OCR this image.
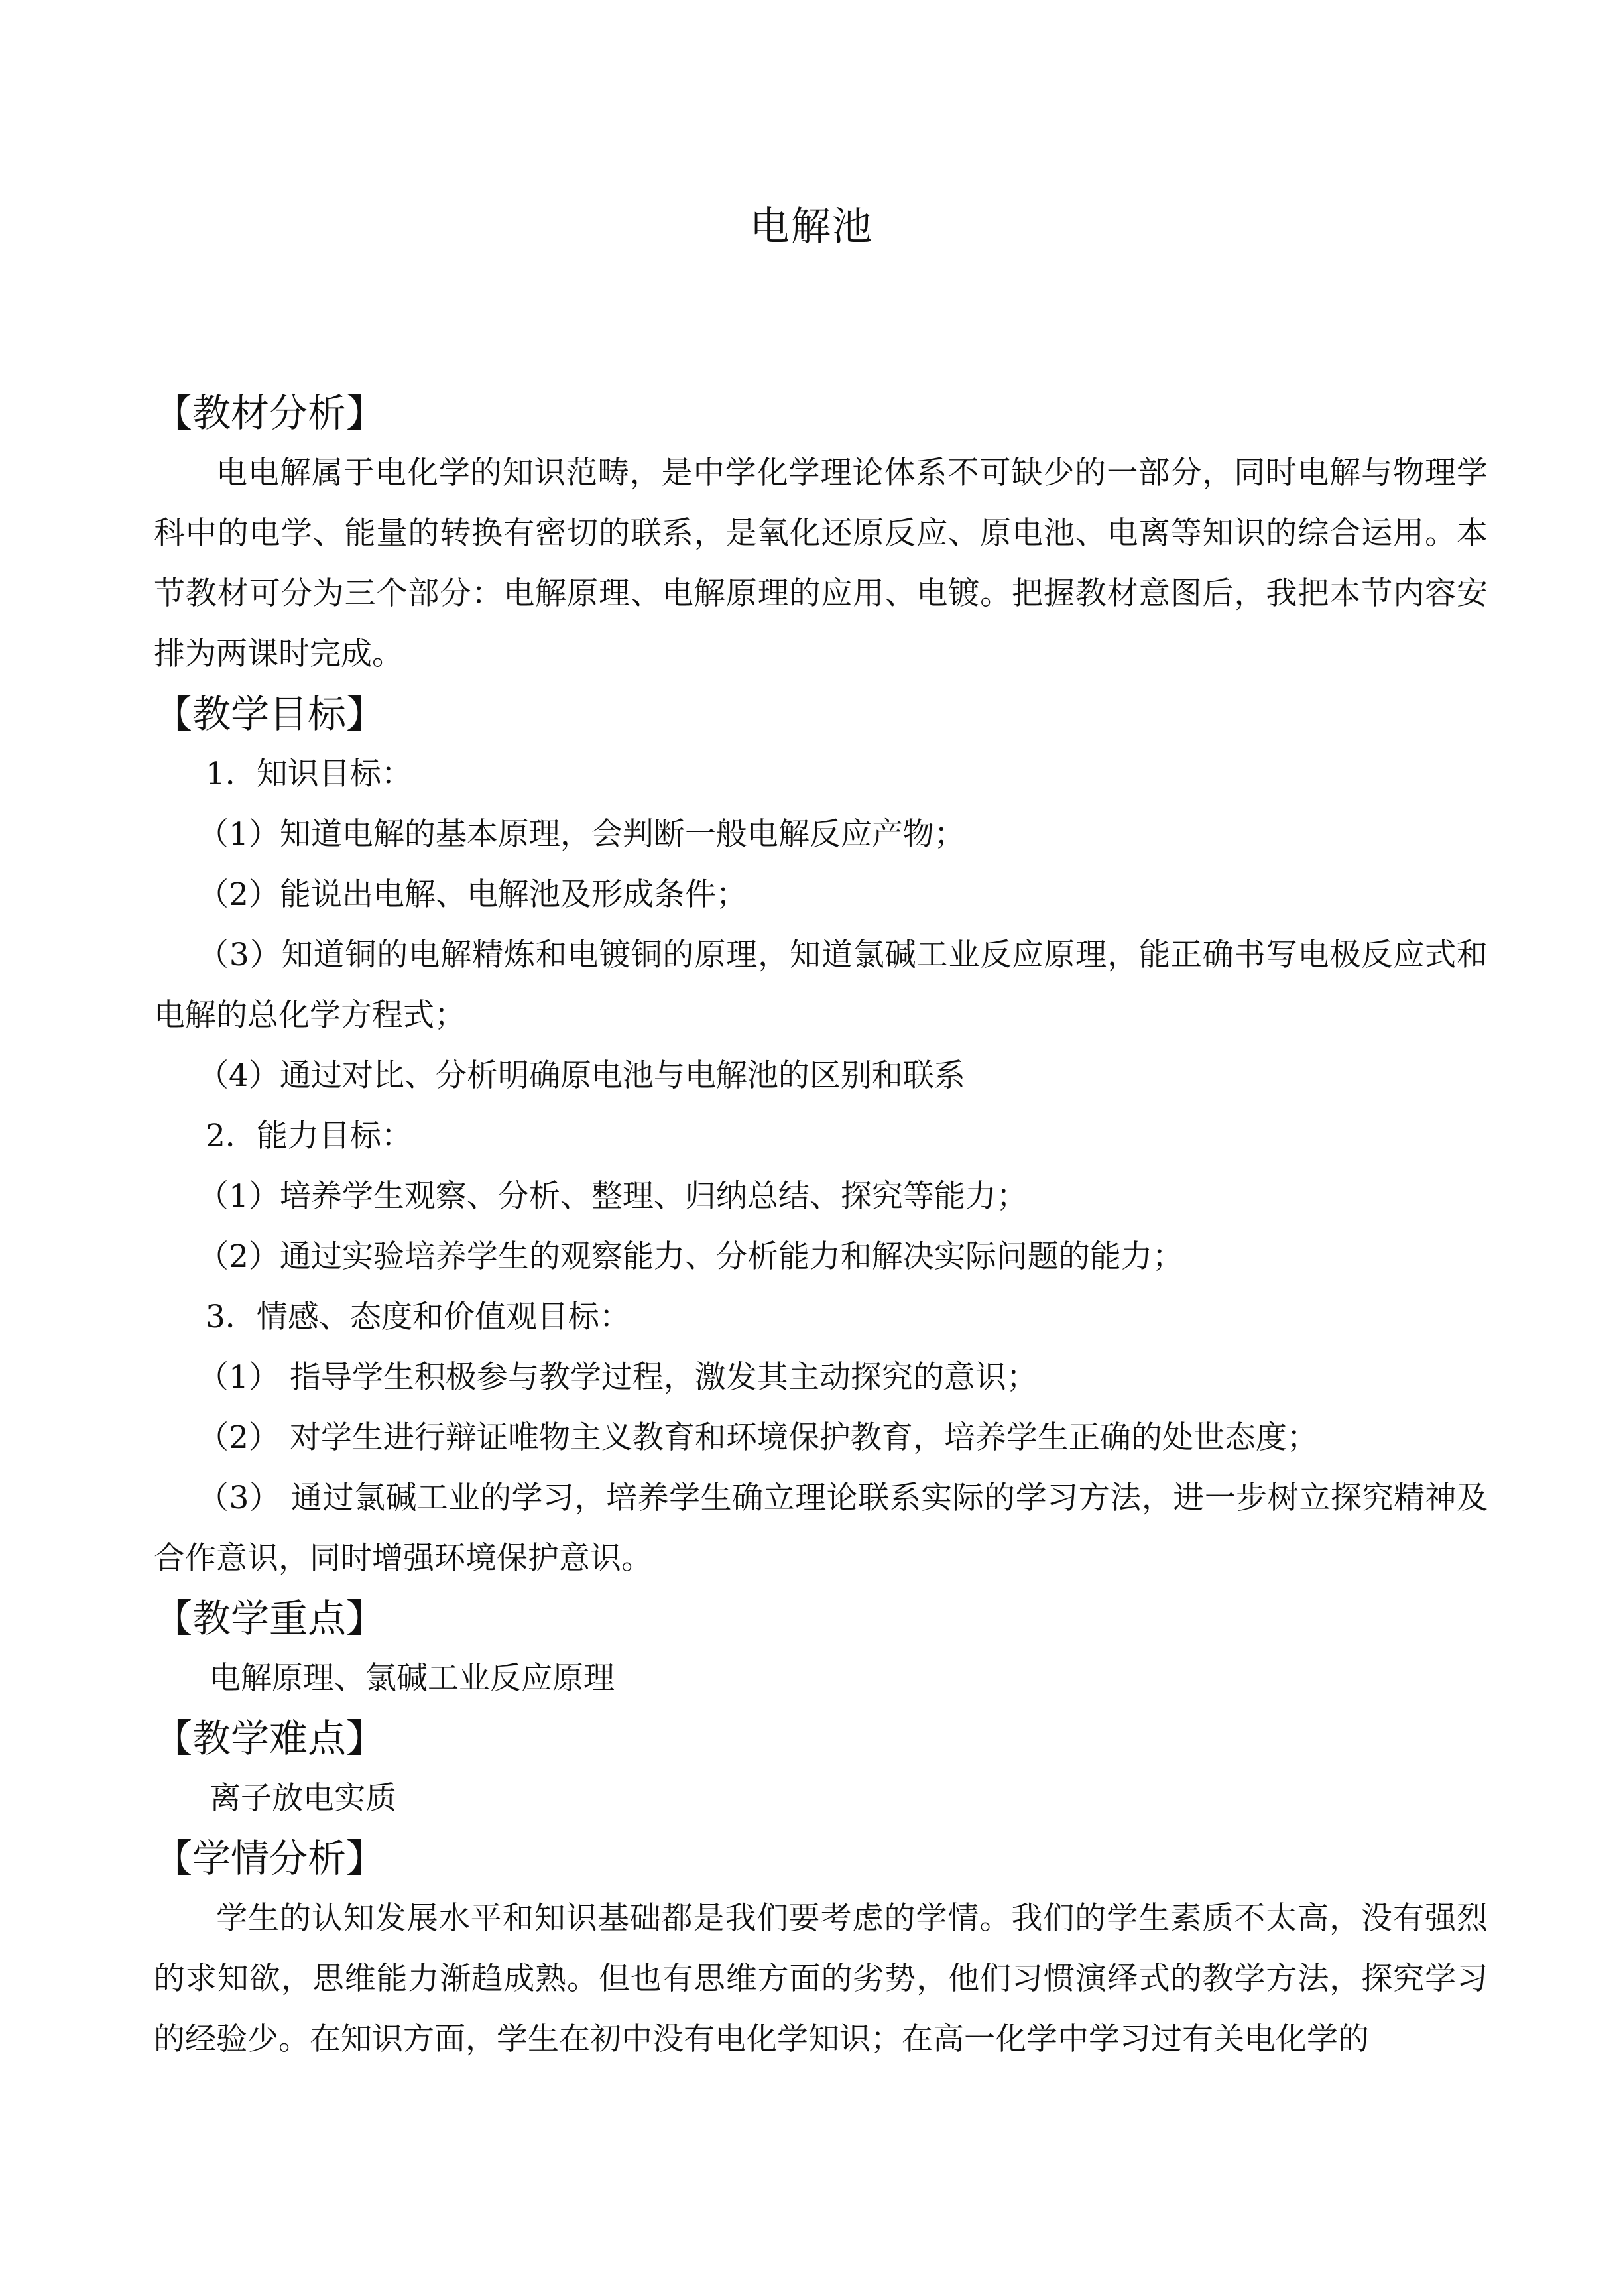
电解池
【教材分析】

电电解属于电化学的知识范畴，是中学化学理论体系不可缺少的一部分，同时电解与物理学科中的电学、能量的转换有密切的联系，是氧化还原反应、原电池、电离等知识的综合运用。本节教材可分为三个部分：电解原理、电解原理的应用、电镀。把握教材意图后，我把本节内容安排为两课时完成。

【教学目标】

1．知识目标：

（1）知道电解的基本原理，会判断一般电解反应产物；

（2）能说出电解、电解池及形成条件；

（3）知道铜的电解精炼和电镀铜的原理，知道氯碱工业反应原理，能正确书写电极反应式和电解的总化学方程式；

（4）通过对比、分析明确原电池与电解池的区别和联系

2．能力目标：

（1）培养学生观察、分析、整理、归纳总结、探究等能力；

（2）通过实验培养学生的观察能力、分析能力和解决实际问题的能力；

3．情感、态度和价值观目标：

（1） 指导学生积极参与教学过程，激发其主动探究的意识；

（2） 对学生进行辩证唯物主义教育和环境保护教育，培养学生正确的处世态度；

（3） 通过氯碱工业的学习，培养学生确立理论联系实际的学习方法，进一步树立探究精神及合作意识，同时增强环境保护意识。

【教学重点】

电解原理、氯碱工业反应原理

【教学难点】

离子放电实质

【学情分析】

学生的认知发展水平和知识基础都是我们要考虑的学情。我们的学生素质不太高，没有强烈的求知欲，思维能力渐趋成熟。但也有思维方面的劣势，他们习惯演绎式的教学方法，探究学习的经验少。在知识方面，学生在初中没有电化学知识；在高一化学中学习过有关电化学的
